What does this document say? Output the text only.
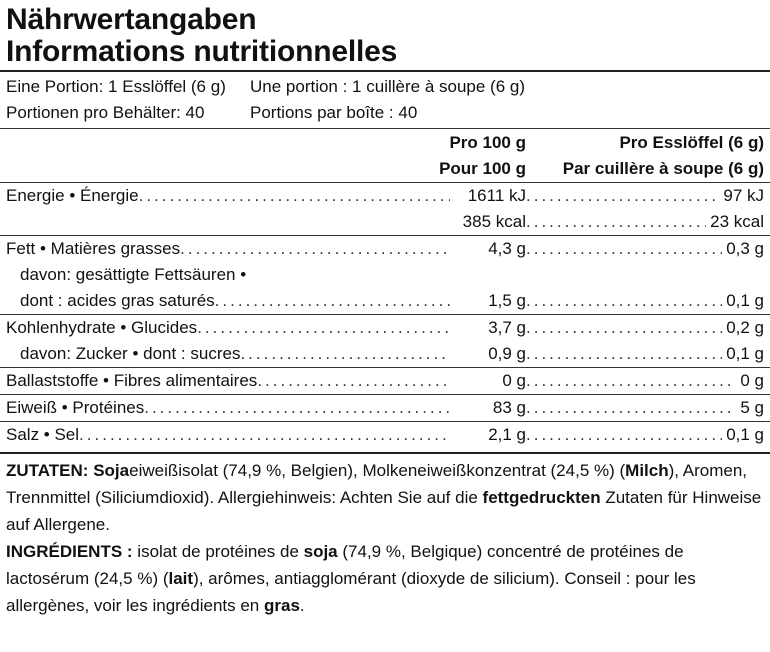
Nährwertangaben
Informations nutritionnelles
Eine Portion: 1 Esslöffel (6 g)	Une portion : 1 cuillère à soupe (6 g)
Portionen pro Behälter: 40	Portions par boîte : 40
Pro 100 g
Pour 100 g
Pro Esslöffel (6 g)
Par cuillère à soupe (6 g)
Energie • Énergie .....	1611 kJ .....	97 kJ
385 kcal .....	23 kcal
Fett • Matières grasses .....	4,3 g .....	0,3 g
davon: gesättigte Fettsäuren •
dont : acides gras saturés .....	1,5 g .....	0,1 g
Kohlenhydrate • Glucides .....	3,7 g .....	0,2 g
davon: Zucker • dont : sucres .....	0,9 g .....	0,1 g
Ballaststoffe • Fibres alimentaires .....	0 g .....	0 g
Eiweiß • Protéines .....	83 g .....	5 g
Salz • Sel .....	2,1 g .....	0,1 g

ZUTATEN: Sojaeiweißisolat (74,9 %, Belgien), Molkeneiweißkonzentrat (24,5 %) (Milch), Aromen, Trennmittel (Siliciumdioxid). Allergiehinweis: Achten Sie auf die fettgedruckten Zutaten für Hinweise auf Allergene.

INGRÉDIENTS : isolat de protéines de soja (74,9 %, Belgique) concentré de protéines de lactosérum (24,5 %) (lait), arômes, antiagglomérant (dioxyde de silicium). Conseil : pour les allergènes, voir les ingrédients en gras.
